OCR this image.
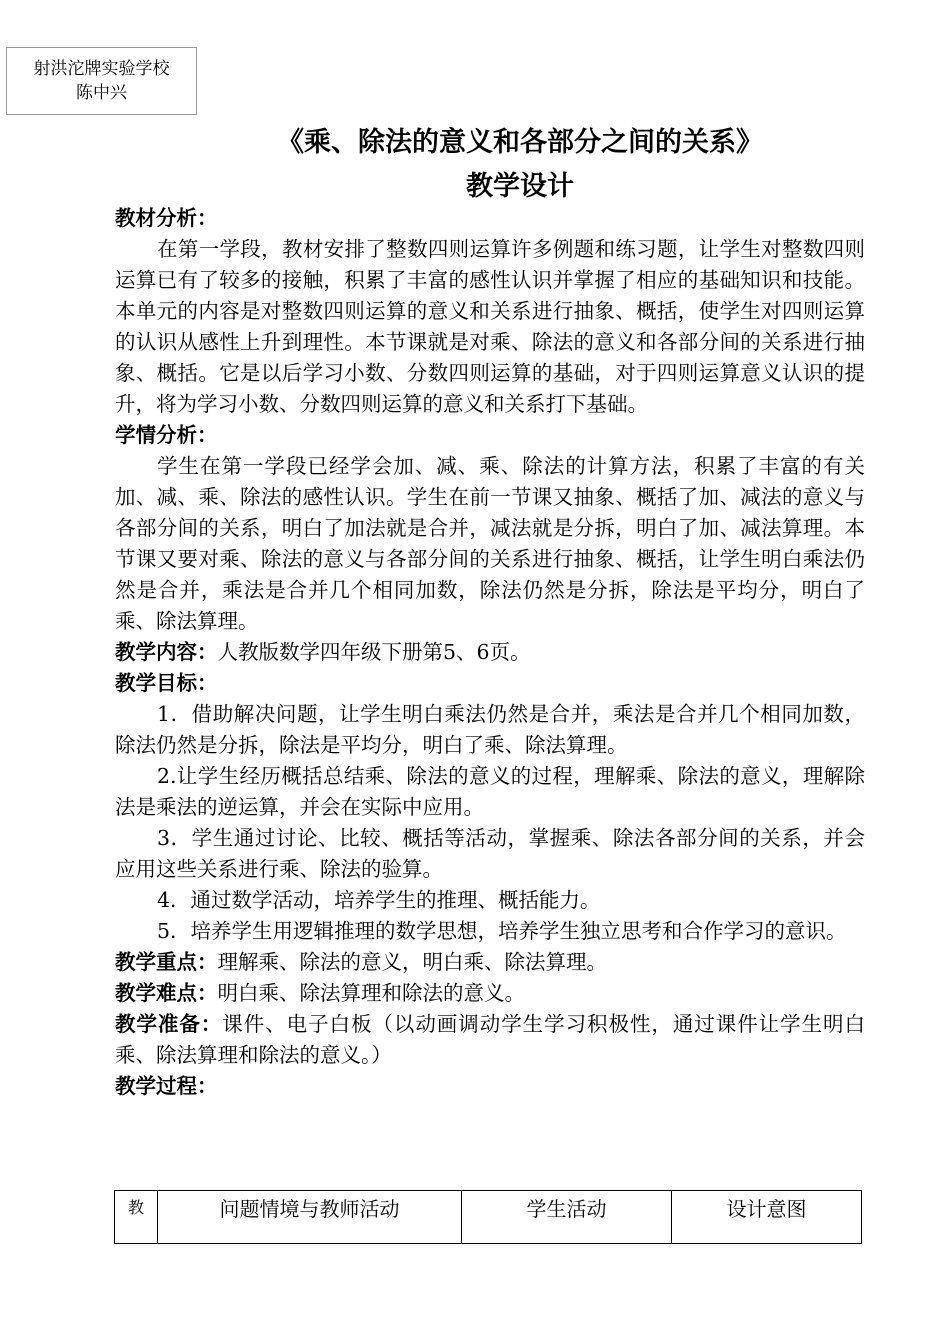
射洪沱牌实验学校
陈中兴
《乘、除法的意义和各部分之间的关系》
教学设计

教材分析：

在第一学段，教材安排了整数四则运算许多例题和练习题，让学生对整数四则运算已有了较多的接触，积累了丰富的感性认识并掌握了相应的基础知识和技能。本单元的内容是对整数四则运算的意义和关系进行抽象、概括，使学生对四则运算的认识从感性上升到理性。本节课就是对乘、除法的意义和各部分间的关系进行抽象、概括。它是以后学习小数、分数四则运算的基础，对于四则运算意义认识的提升，将为学习小数、分数四则运算的意义和关系打下基础。

学情分析：

学生在第一学段已经学会加、减、乘、除法的计算方法，积累了丰富的有关加、减、乘、除法的感性认识。学生在前一节课又抽象、概括了加、减法的意义与各部分间的关系，明白了加法就是合并，减法就是分拆，明白了加、减法算理。本节课又要对乘、除法的意义与各部分间的关系进行抽象、概括，让学生明白乘法仍然是合并，乘法是合并几个相同加数，除法仍然是分拆，除法是平均分，明白了乘、除法算理。

教学内容：人教版数学四年级下册第5、6页。

教学目标：

1．借助解决问题，让学生明白乘法仍然是合并，乘法是合并几个相同加数，除法仍然是分拆，除法是平均分，明白了乘、除法算理。

2.让学生经历概括总结乘、除法的意义的过程，理解乘、除法的意义，理解除法是乘法的逆运算，并会在实际中应用。

3．学生通过讨论、比较、概括等活动，掌握乘、除法各部分间的关系，并会应用这些关系进行乘、除法的验算。

4．通过数学活动，培养学生的推理、概括能力。

5．培养学生用逻辑推理的数学思想，培养学生独立思考和合作学习的意识。

教学重点：理解乘、除法的意义，明白乘、除法算理。

教学难点：明白乘、除法算理和除法的意义。

教学准备：课件、电子白板（以动画调动学生学习积极性，通过课件让学生明白乘、除法算理和除法的意义。）

教学过程：

教	问题情境与教师活动	学生活动	设计意图
